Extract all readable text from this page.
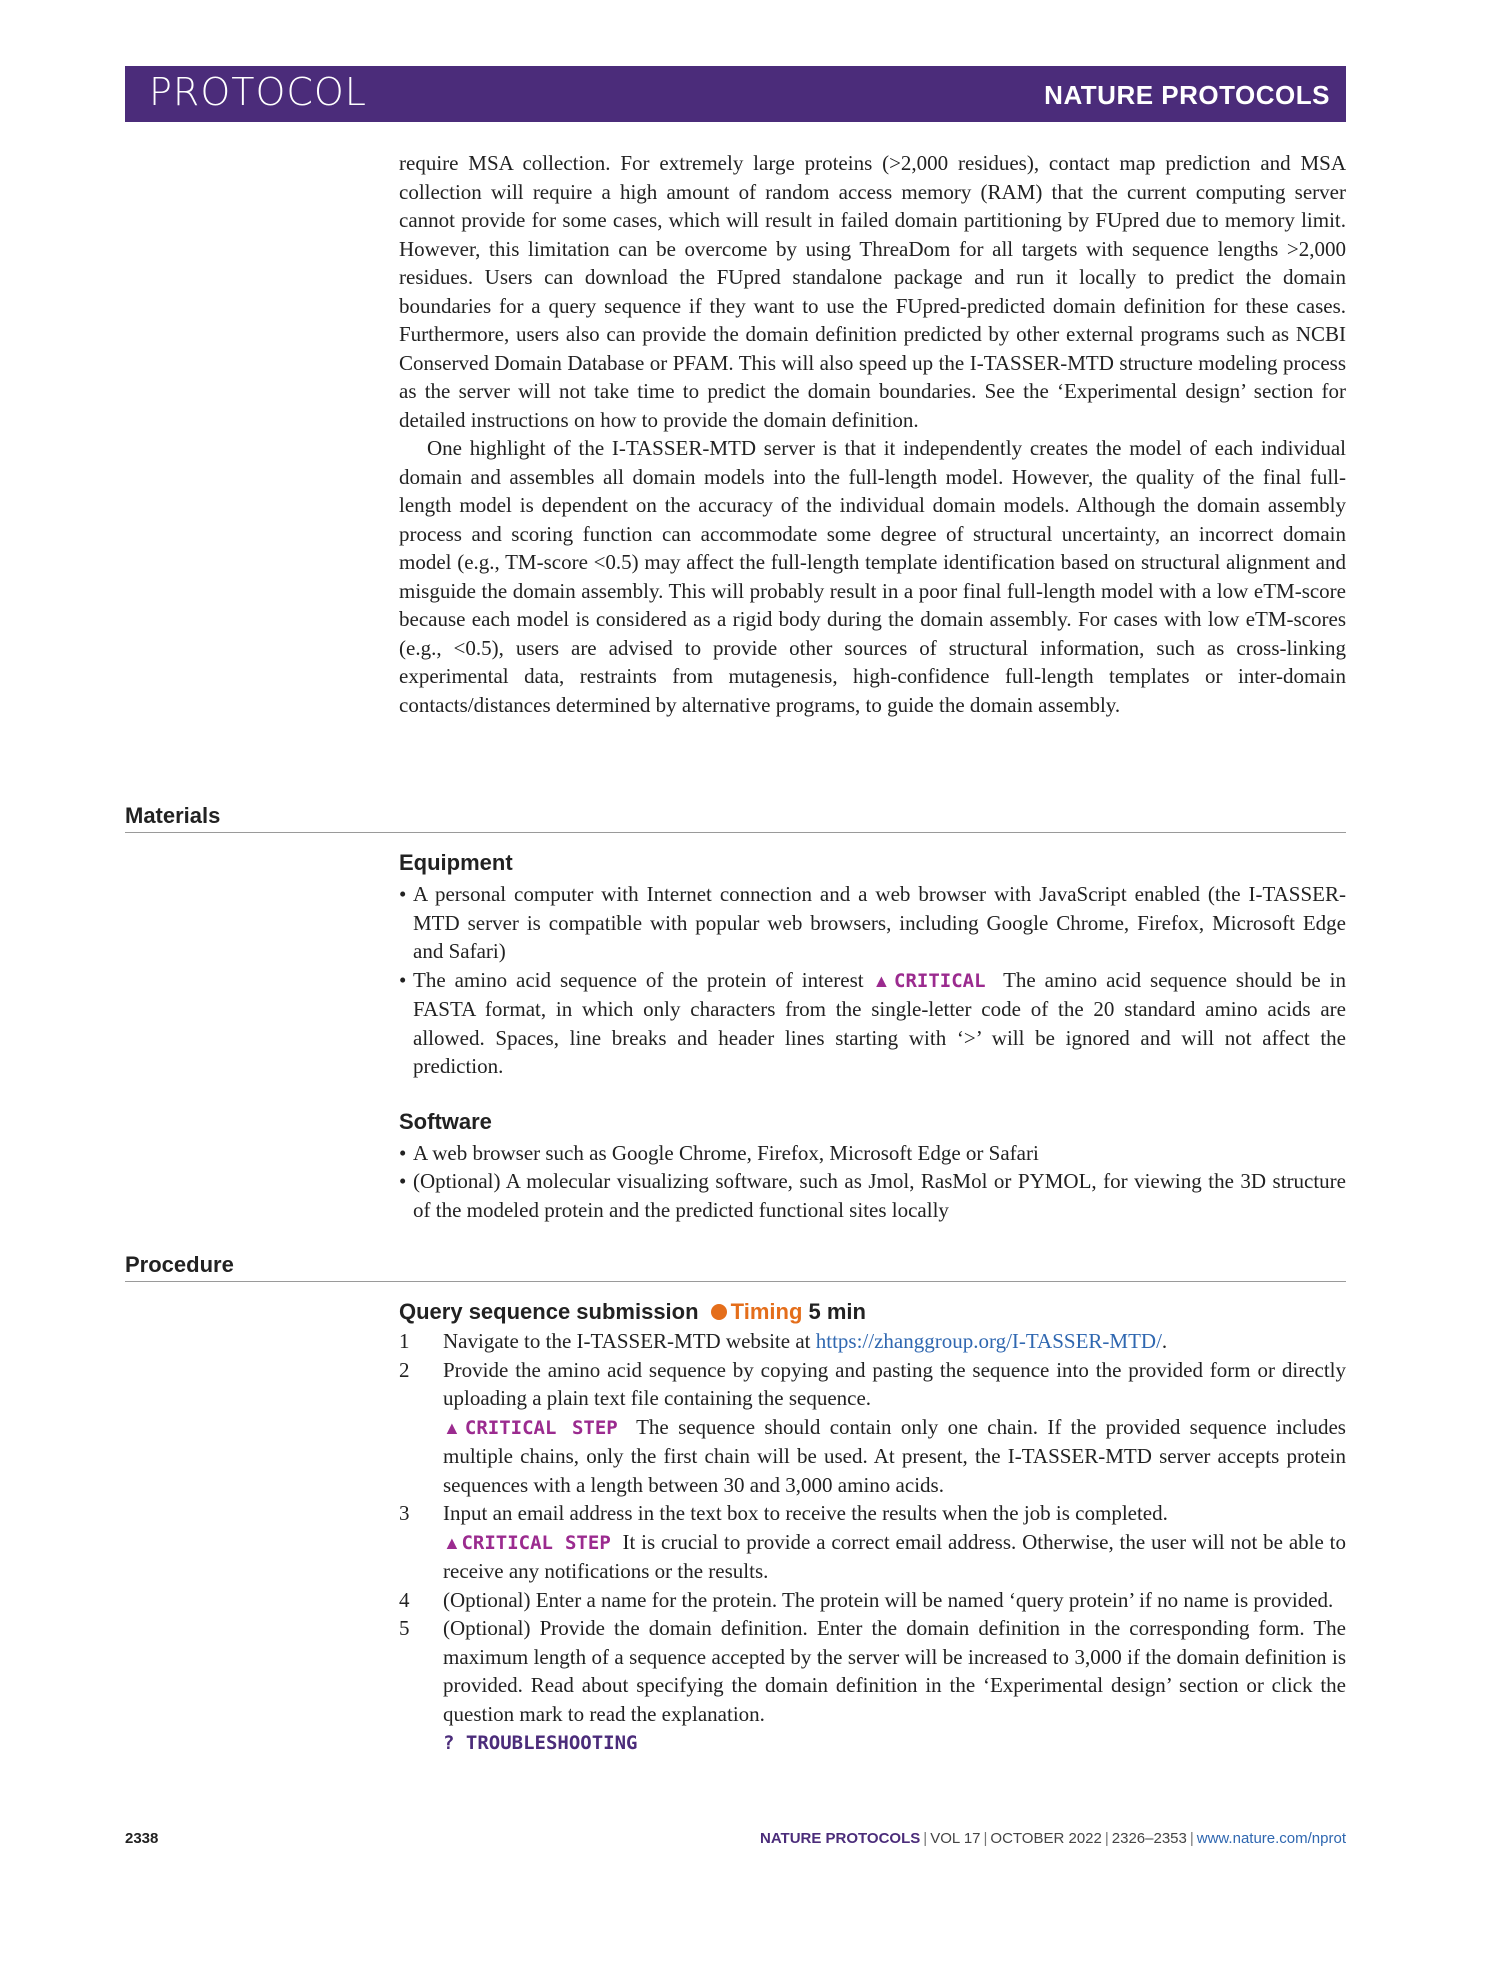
PROTOCOL	NATURE PROTOCOLS

require MSA collection. For extremely large proteins (>2,000 residues), contact map prediction and MSA collection will require a high amount of random access memory (RAM) that the current computing server cannot provide for some cases, which will result in failed domain partitioning by FUpred due to memory limit. However, this limitation can be overcome by using ThreaDom for all targets with sequence lengths >2,000 residues. Users can download the FUpred standalone package and run it locally to predict the domain boundaries for a query sequence if they want to use the FUpred-predicted domain definition for these cases. Furthermore, users also can provide the domain definition predicted by other external programs such as NCBI Conserved Domain Database or PFAM. This will also speed up the I-TASSER-MTD structure modeling process as the server will not take time to predict the domain boundaries. See the ‘Experimental design’ section for detailed instructions on how to provide the domain definition.

One highlight of the I-TASSER-MTD server is that it independently creates the model of each individual domain and assembles all domain models into the full-length model. However, the quality of the final full-length model is dependent on the accuracy of the individual domain models. Although the domain assembly process and scoring function can accommodate some degree of structural uncertainty, an incorrect domain model (e.g., TM-score <0.5) may affect the full-length template identification based on structural alignment and misguide the domain assembly. This will probably result in a poor final full-length model with a low eTM-score because each model is considered as a rigid body during the domain assembly. For cases with low eTM-scores (e.g., <0.5), users are advised to provide other sources of structural information, such as cross-linking experimental data, restraints from mutagenesis, high-confidence full-length templates or inter-domain contacts/distances determined by alternative programs, to guide the domain assembly.

Materials
Equipment
• A personal computer with Internet connection and a web browser with JavaScript enabled (the I-TASSER-MTD server is compatible with popular web browsers, including Google Chrome, Firefox, Microsoft Edge and Safari)
• The amino acid sequence of the protein of interest ▲CRITICAL The amino acid sequence should be in FASTA format, in which only characters from the single-letter code of the 20 standard amino acids are allowed. Spaces, line breaks and header lines starting with ‘>’ will be ignored and will not affect the prediction.
Software
• A web browser such as Google Chrome, Firefox, Microsoft Edge or Safari
• (Optional) A molecular visualizing software, such as Jmol, RasMol or PYMOL, for viewing the 3D structure of the modeled protein and the predicted functional sites locally
Procedure
Query sequence submission Timing 5 min
1 Navigate to the I-TASSER-MTD website at https://zhanggroup.org/I-TASSER-MTD/.
2 Provide the amino acid sequence by copying and pasting the sequence into the provided form or directly uploading a plain text file containing the sequence.
▲CRITICAL STEP The sequence should contain only one chain. If the provided sequence includes multiple chains, only the first chain will be used. At present, the I-TASSER-MTD server accepts protein sequences with a length between 30 and 3,000 amino acids.
3 Input an email address in the text box to receive the results when the job is completed.
▲CRITICAL STEP It is crucial to provide a correct email address. Otherwise, the user will not be able to receive any notifications or the results.
4 (Optional) Enter a name for the protein. The protein will be named ‘query protein’ if no name is provided.
5 (Optional) Provide the domain definition. Enter the domain definition in the corresponding form. The maximum length of a sequence accepted by the server will be increased to 3,000 if the domain definition is provided. Read about specifying the domain definition in the ‘Experimental design’ section or click the question mark to read the explanation.
? TROUBLESHOOTING
2338	NATURE PROTOCOLS | VOL 17 | OCTOBER 2022 | 2326–2353 | www.nature.com/nprot
